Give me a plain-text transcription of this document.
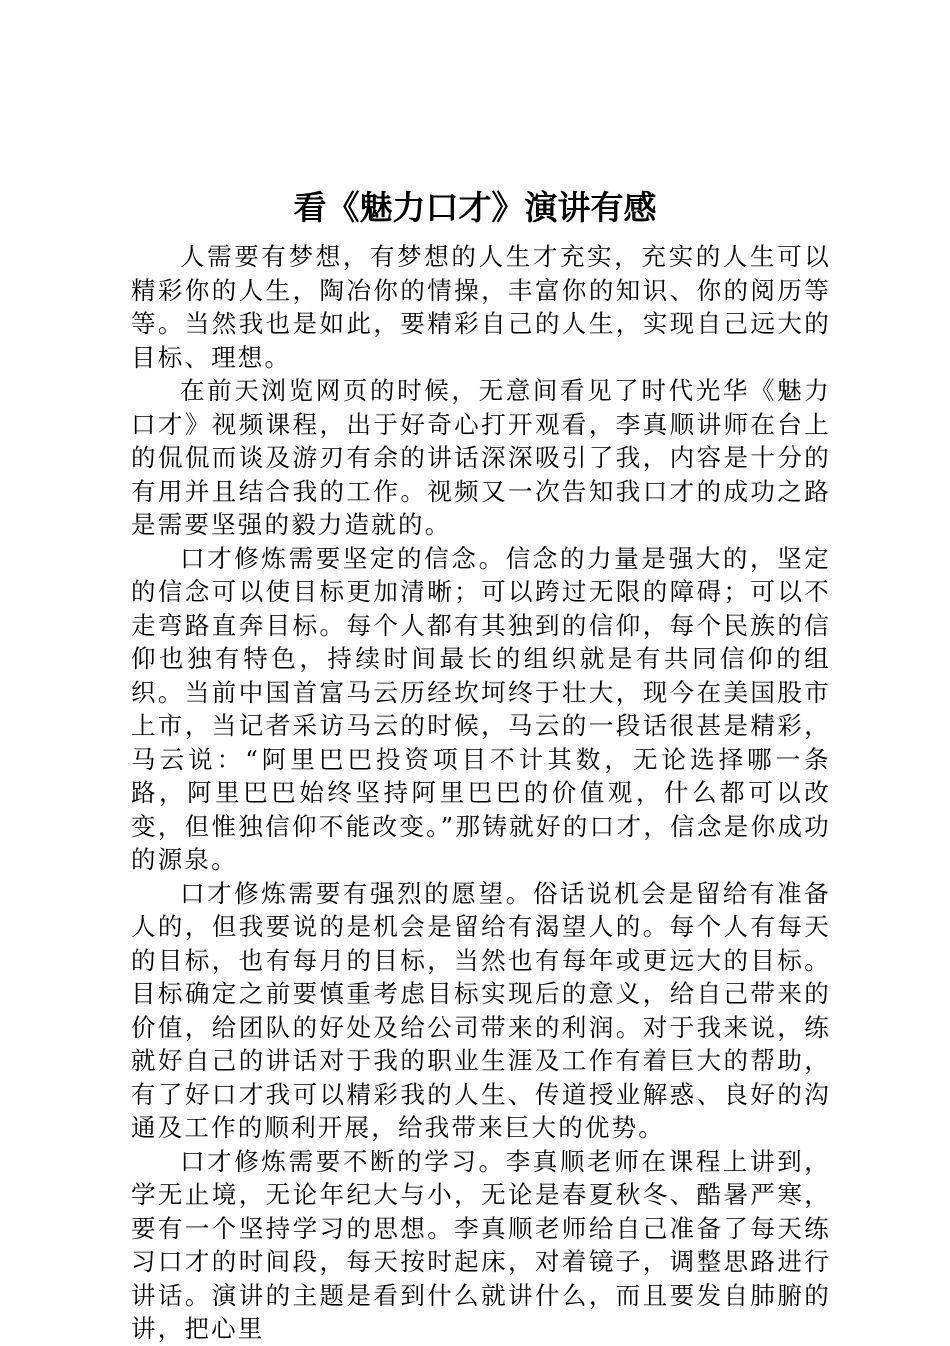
看《魅力口才》演讲有感

人需要有梦想，有梦想的人生才充实，充实的人生可以精彩你的人生，陶冶你的情操，丰富你的知识、你的阅历等等。当然我也是如此，要精彩自己的人生，实现自己远大的目标、理想。

在前天浏览网页的时候，无意间看见了时代光华《魅力口才》视频课程，出于好奇心打开观看，李真顺讲师在台上的侃侃而谈及游刃有余的讲话深深吸引了我，内容是十分的有用并且结合我的工作。视频又一次告知我口才的成功之路是需要坚强的毅力造就的。

口才修炼需要坚定的信念。信念的力量是强大的，坚定的信念可以使目标更加清晰；可以跨过无限的障碍；可以不走弯路直奔目标。每个人都有其独到的信仰，每个民族的信仰也独有特色，持续时间最长的组织就是有共同信仰的组织。当前中国首富马云历经坎坷终于壮大，现今在美国股市上市，当记者采访马云的时候，马云的一段话很甚是精彩，马云说：“阿里巴巴投资项目不计其数，无论选择哪一条路，阿里巴巴始终坚持阿里巴巴的价值观，什么都可以改变，但惟独信仰不能改变。”那铸就好的口才，信念是你成功的源泉。

口才修炼需要有强烈的愿望。俗话说机会是留给有准备人的，但我要说的是机会是留给有渴望人的。每个人有每天的目标，也有每月的目标，当然也有每年或更远大的目标。目标确定之前要慎重考虑目标实现后的意义，给自己带来的价值，给团队的好处及给公司带来的利润。对于我来说，练就好自己的讲话对于我的职业生涯及工作有着巨大的帮助，有了好口才我可以精彩我的人生、传道授业解惑、良好的沟通及工作的顺利开展，给我带来巨大的优势。

口才修炼需要不断的学习。李真顺老师在课程上讲到，学无止境，无论年纪大与小，无论是春夏秋冬、酷暑严寒，要有一个坚持学习的思想。李真顺老师给自己准备了每天练习口才的时间段，每天按时起床，对着镜子，调整思路进行讲话。演讲的主题是看到什么就讲什么，而且要发自肺腑的讲，把心里
